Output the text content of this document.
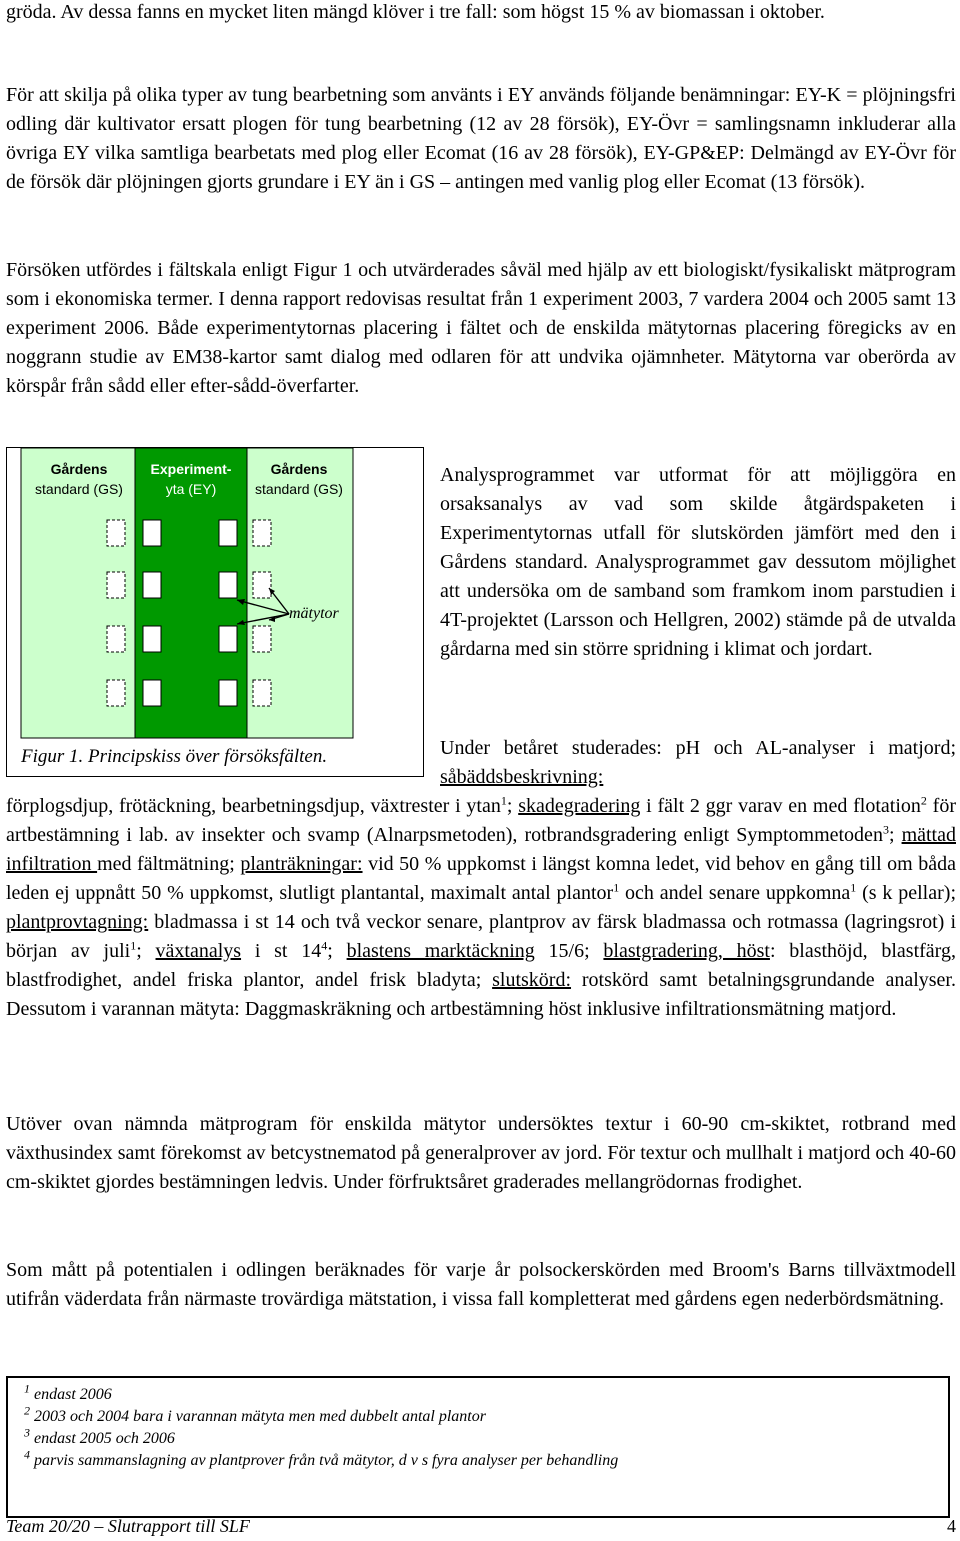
gröda. Av dessa fanns en mycket liten mängd klöver i tre fall: som högst 15 % av biomassan i oktober.

För att skilja på olika typer av tung bearbetning som använts i EY används följande benämningar: EY-K = plöjningsfri odling där kultivator ersatt plogen för tung bearbetning (12 av 28 försök), EY-Övr = samlingsnamn inkluderar alla övriga EY vilka samtliga bearbetats med plog eller Ecomat (16 av 28 försök), EY-GP&EP: Delmängd av EY-Övr för de försök där plöjningen gjorts grundare i EY än i GS – antingen med vanlig plog eller Ecomat (13 försök).

Försöken utfördes i fältskala enligt Figur 1 och utvärderades såväl med hjälp av ett biologiskt/fysikaliskt mätprogram som i ekonomiska termer. I denna rapport redovisas resultat från 1 experiment 2003, 7 vardera 2004 och 2005 samt 13 experiment 2006. Både experimentytornas placering i fältet och de enskilda mätytornas placering föregicks av en noggrann studie av EM38-kartor samt dialog med odlaren för att undvika ojämnheter. Mätytorna var oberörda av körspår från sådd eller efter-sådd-överfarter.

Gårdens
standard (GS)
Experiment-
yta (EY)
Gårdens
standard (GS)
mätytor
Figur 1. Principskiss över försöksfälten.

Analysprogrammet var utformat för att möjliggöra en orsaksanalys av vad som skilde åtgärdspaketen i Experimentytornas utfall för slutskörden jämfört med den i Gårdens standard. Analysprogrammet gav dessutom möjlighet att undersöka om de samband som framkom inom parstudien i 4T-projektet (Larsson och Hellgren, 2002) stämde på de utvalda gårdarna med sin större spridning i klimat och jordart.

Under betåret studerades: pH och AL-analyser i matjord; såbäddsbeskrivning:

förplogsdjup, frötäckning, bearbetningsdjup, växtrester i ytan$^1$; skadegradering i fält 2 ggr varav en med flotation$^2$ för artbestämning i lab. av insekter och svamp (Alnarpsmetoden), rotbrandsgradering enligt Symptommetoden$^3$; mättad infiltration med fältmätning; planträkningar: vid 50 % uppkomst i längst komna ledet, vid behov en gång till om båda leden ej uppnått 50 % uppkomst, slutligt plantantal, maximalt antal plantor$^1$ och andel senare uppkomna$^1$ (s k pellar); plantprovtagning: bladmassa i st 14 och två veckor senare, plantprov av färsk bladmassa och rotmassa (lagringsrot) i början av juli$^1$; växtanalys i st $14^4$; blastens marktäckning 15/6; blastgradering, höst: blasthöjd, blastfärg, blastfrodighet, andel friska plantor, andel frisk bladyta; slutskörd: rotskörd samt betalningsgrundande analyser. Dessutom i varannan mätyta: Daggmaskräkning och artbestämning höst inklusive infiltrationsmätning matjord.

Utöver ovan nämnda mätprogram för enskilda mätytor undersöktes textur i 60-90 cm-skiktet, rotbrand med växthusindex samt förekomst av betcystnematod på generalprover av jord. För textur och mullhalt i matjord och 40-60 cm-skiktet gjordes bestämningen ledvis. Under förfruktsåret graderades mellangrödornas frodighet.

Som mått på potentialen i odlingen beräknades för varje år polsockerskörden med Broom's Barns tillväxtmodell utifrån väderdata från närmaste trovärdiga mätstation, i vissa fall kompletterat med gårdens egen nederbördsmätning.

$^1$ endast 2006
$^2$ 2003 och 2004 bara i varannan mätyta men med dubbelt antal plantor
$^3$ endast 2005 och 2006
$^4$ parvis sammanslagning av plantprover från två mätytor, d v s fyra analyser per behandling
Team 20/20 – Slutrapport till SLF	4
